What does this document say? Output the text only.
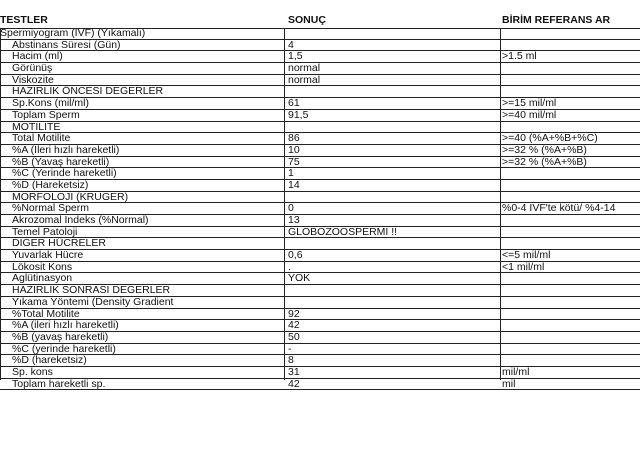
TESTLER	SONUÇ	BİRİM REFERANS AR
Spermiyogram (IVF) (Yıkamalı)
Abstinans Süresi (Gün)	4
Hacim (ml)	1,5	>1.5 ml
Görünüş	normal
Viskozite	normal
HAZIRLIK ÖNCESİ DEĞERLER
Sp.Kons (mil/ml)	61	>=15 mil/ml
Toplam Sperm	91,5	>=40 mil/ml
MOTİLİTE
Total Motilite	86	>=40 (%A+%B+%C)
%A (İleri hızlı hareketli)	10	>=32 % (%A+%B)
%B (Yavaş hareketli)	75	>=32 % (%A+%B)
%C (Yerinde hareketli)	1
%D (Hareketsiz)	14
MORFOLOJİ (KRUGER)
%Normal Sperm	0	%0-4 IVF'te kötü/ %4-14
Akrozomal İndeks (%Normal)	13
Temel Patoloji	GLOBOZOOSPERMİ !!
DİĞER HÜCRELER
Yuvarlak Hücre	0,6	<=5 mil/ml
Lökosit Kons	.	<1 mil/ml
Aglütinasyon	YOK
HAZIRLIK SONRASI DEĞERLER
Yıkama Yöntemi (Density Gradient
%Total Motilite	92
%A (ileri hızlı hareketli)	42
%B (yavaş hareketli)	50
%C (yerinde hareketli)	-
%D (hareketsiz)	8
Sp. kons	31	mil/ml
Toplam hareketli sp.	42	mil
